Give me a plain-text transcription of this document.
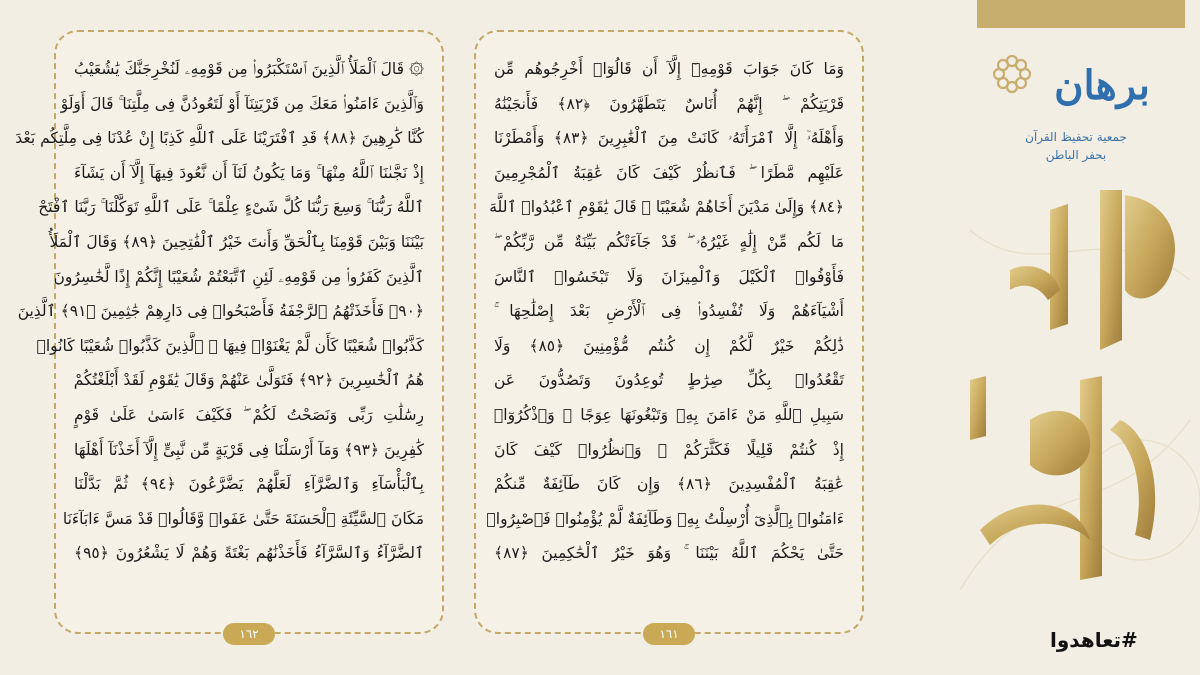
۞ قَالَ ٱلْمَلَأُ ٱلَّذِينَ ٱسْتَكْبَرُوا۟ مِن قَوْمِهِۦ لَنُخْرِجَنَّكَ يَٰشُعَيْبُ
وَٱلَّذِينَ ءَامَنُوا۟ مَعَكَ مِن قَرْيَتِنَآ أَوْ لَتَعُودُنَّ فِى مِلَّتِنَا ۚ قَالَ أَوَلَوْ
كُنَّا كَٰرِهِينَ ﴿٨٨﴾ قَدِ ٱفْتَرَيْنَا عَلَى ٱللَّهِ كَذِبًا إِنْ عُدْنَا فِى مِلَّتِكُم بَعْدَ
إِذْ نَجَّىٰنَا ٱللَّهُ مِنْهَا ۚ وَمَا يَكُونُ لَنَآ أَن نَّعُودَ فِيهَآ إِلَّآ أَن يَشَآءَ
ٱللَّهُ رَبُّنَا ۚ وَسِعَ رَبُّنَا كُلَّ شَىْءٍ عِلْمًا ۚ عَلَى ٱللَّهِ تَوَكَّلْنَا ۚ رَبَّنَا ٱفْتَحْ
بَيْنَنَا وَبَيْنَ قَوْمِنَا بِٱلْحَقِّ وَأَنتَ خَيْرُ ٱلْفَٰتِحِينَ ﴿٨٩﴾ وَقَالَ ٱلْمَلَأُ
ٱلَّذِينَ كَفَرُوا۟ مِن قَوْمِهِۦ لَئِنِ ٱتَّبَعْتُمْ شُعَيْبًا إِنَّكُمْ إِذًا لَّخَٰسِرُونَ
﴿٩٠﴾ فَأَخَذَتْهُمُ ٱلرَّجْفَةُ فَأَصْبَحُوا۟ فِى دَارِهِمْ جَٰثِمِينَ ﴿٩١﴾ ٱلَّذِينَ
كَذَّبُوا۟ شُعَيْبًا كَأَن لَّمْ يَغْنَوْا۟ فِيهَا ۚ ٱلَّذِينَ كَذَّبُوا۟ شُعَيْبًا كَانُوا۟
هُمُ ٱلْخَٰسِرِينَ ﴿٩٢﴾ فَتَوَلَّىٰ عَنْهُمْ وَقَالَ يَٰقَوْمِ لَقَدْ أَبْلَغْتُكُمْ
رِسَٰلَٰتِ رَبِّى وَنَصَحْتُ لَكُمْ ۖ فَكَيْفَ ءَاسَىٰ عَلَىٰ قَوْمٍ
كَٰفِرِينَ ﴿٩٣﴾ وَمَآ أَرْسَلْنَا فِى قَرْيَةٍ مِّن نَّبِىٍّ إِلَّآ أَخَذْنَآ أَهْلَهَا
بِٱلْبَأْسَآءِ وَٱلضَّرَّآءِ لَعَلَّهُمْ يَضَّرَّعُونَ ﴿٩٤﴾ ثُمَّ بَدَّلْنَا
مَكَانَ ٱلسَّيِّئَةِ ٱلْحَسَنَةَ حَتَّىٰ عَفَوا۟ وَّقَالُوا۟ قَدْ مَسَّ ءَابَآءَنَا
ٱلضَّرَّآءُ وَٱلسَّرَّآءُ فَأَخَذْنَٰهُم بَغْتَةً وَهُمْ لَا يَشْعُرُونَ ﴿٩٥﴾
١٦٢
وَمَا كَانَ جَوَابَ قَوْمِهِۦٓ إِلَّآ أَن قَالُوٓا۟ أَخْرِجُوهُم مِّن
قَرْيَتِكُمْ ۖ إِنَّهُمْ أُنَاسٌ يَتَطَهَّرُونَ ﴿٨٢﴾ فَأَنجَيْنَٰهُ
وَأَهْلَهُۥٓ إِلَّا ٱمْرَأَتَهُۥ كَانَتْ مِنَ ٱلْغَٰبِرِينَ ﴿٨٣﴾ وَأَمْطَرْنَا
عَلَيْهِم مَّطَرًا ۖ فَٱنظُرْ كَيْفَ كَانَ عَٰقِبَةُ ٱلْمُجْرِمِينَ
﴿٨٤﴾ وَإِلَىٰ مَدْيَنَ أَخَاهُمْ شُعَيْبًا ۗ قَالَ يَٰقَوْمِ ٱعْبُدُوا۟ ٱللَّهَ
مَا لَكُم مِّنْ إِلَٰهٍ غَيْرُهُۥ ۖ قَدْ جَآءَتْكُم بَيِّنَةٌ مِّن رَّبِّكُمْ ۖ
فَأَوْفُوا۟ ٱلْكَيْلَ وَٱلْمِيزَانَ وَلَا تَبْخَسُوا۟ ٱلنَّاسَ
أَشْيَآءَهُمْ وَلَا تُفْسِدُوا۟ فِى ٱلْأَرْضِ بَعْدَ إِصْلَٰحِهَا ۚ
ذَٰلِكُمْ خَيْرٌ لَّكُمْ إِن كُنتُم مُّؤْمِنِينَ ﴿٨٥﴾ وَلَا
تَقْعُدُوا۟ بِكُلِّ صِرَٰطٍ تُوعِدُونَ وَتَصُدُّونَ عَن
سَبِيلِ ٱللَّهِ مَنْ ءَامَنَ بِهِۦ وَتَبْغُونَهَا عِوَجًا ۚ وَٱذْكُرُوٓا۟
إِذْ كُنتُمْ قَلِيلًا فَكَثَّرَكُمْ ۖ وَٱنظُرُوا۟ كَيْفَ كَانَ
عَٰقِبَةُ ٱلْمُفْسِدِينَ ﴿٨٦﴾ وَإِن كَانَ طَآئِفَةٌ مِّنكُمْ
ءَامَنُوا۟ بِٱلَّذِىٓ أُرْسِلْتُ بِهِۦ وَطَآئِفَةٌ لَّمْ يُؤْمِنُوا۟ فَٱصْبِرُوا۟
حَتَّىٰ يَحْكُمَ ٱللَّهُ بَيْنَنَا ۚ وَهُوَ خَيْرُ ٱلْحَٰكِمِينَ ﴿٨٧﴾
١٦١
برهان
جمعية تحفيظ القرآن
بحفر الباطن
#تعاهدوا
